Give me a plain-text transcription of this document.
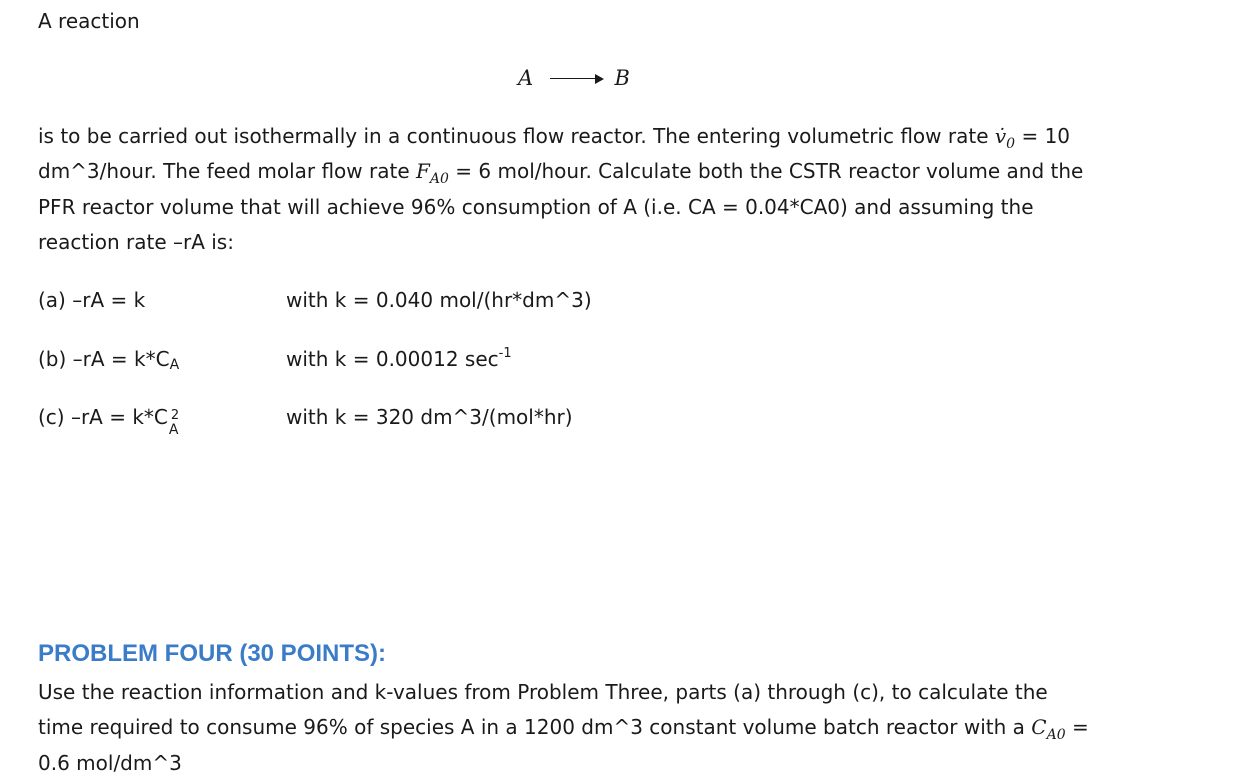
A reaction
A	B
is to be carried out isothermally in a continuous flow reactor. The entering volumetric flow rate $v̇_0 = 10$
dm^3/hour. The feed molar flow rate $F_{A0} = 6$ mol/hour. Calculate both the CSTR reactor volume and the
PFR reactor volume that will achieve 96% consumption of A (i.e. CA = 0.04*CA0) and assuming the
reaction rate –rA is:
(a) –rA = k	with k = 0.040 mol/(hr*dm^3)
(b) –rA = k*CA	with k = 0.00012 $\sec^{-1}$
(c) –rA = k*C
A
2	with k = 320 dm^3/(mol*hr)
PROBLEM FOUR (30 POINTS):
Use the reaction information and k-values from Problem Three, parts (a) through (c), to calculate the
time required to consume 96% of species A in a 1200 dm^3 constant volume batch reactor with a $C_{A0}$ =
0.6 mol/dm^3
